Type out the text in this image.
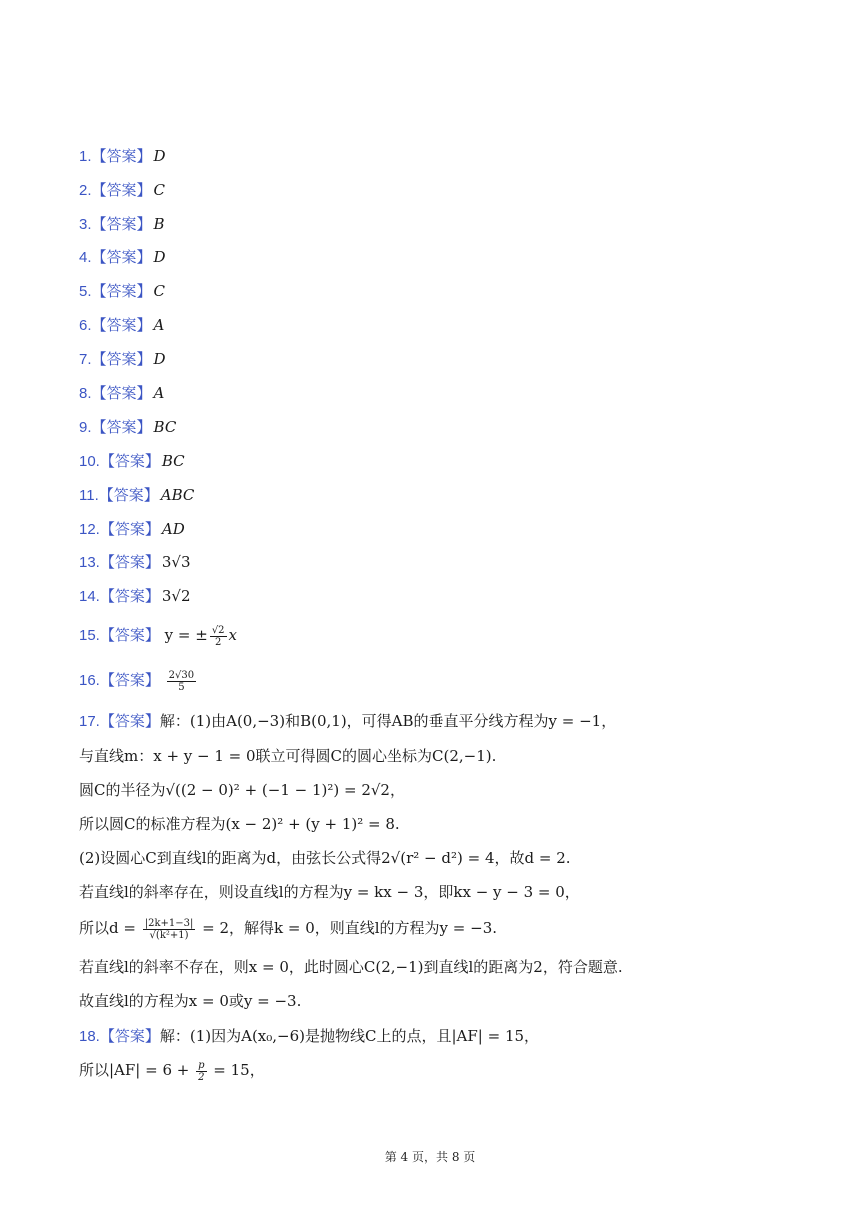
1.【答案】 D
2.【答案】 C
3.【答案】 B
4.【答案】 D
5.【答案】 C
6.【答案】 A
7.【答案】 D
8.【答案】 A
9.【答案】 BC
10.【答案】 BC
11.【答案】 ABC
12.【答案】 AD
13.【答案】 3√3
14.【答案】 3√2
15.【答案】 y = ± $\frac{√2}{2}$ x
16.【答案】 $\frac{2√30}{5}$
17.【答案】解：(1)由A(0,−3)和B(0,1)，可得AB的垂直平分线方程为y = −1，
与直线m：x + y − 1 = 0联立可得圆C的圆心坐标为C(2,−1).
圆C的半径为√((2 − 0)² + (−1 − 1)²) = 2√2，
所以圆C的标准方程为(x − 2)² + (y + 1)² = 8.
(2)设圆心C到直线l的距离为d，由弦长公式得2√(r² − d²) = 4，故d = 2.
若直线l的斜率存在，则设直线l的方程为y = kx − 3，即kx − y − 3 = 0，
所以$d = \frac{|2k+1-3|}{\text{√(k²+1)}} = 2$，解得k = 0，则直线l的方程为y = −3.
若直线l的斜率不存在，则x = 0，此时圆心C(2,−1)到直线l的距离为2，符合题意.
故直线l的方程为x = 0或y = −3.
18.【答案】解：(1)因为A(x₀,−6)是抛物线C上的点，且|AF| = 15，
所以$|AF| = 6 + \frac{p}{2} = 15$，
第 4 页，共 8 页
